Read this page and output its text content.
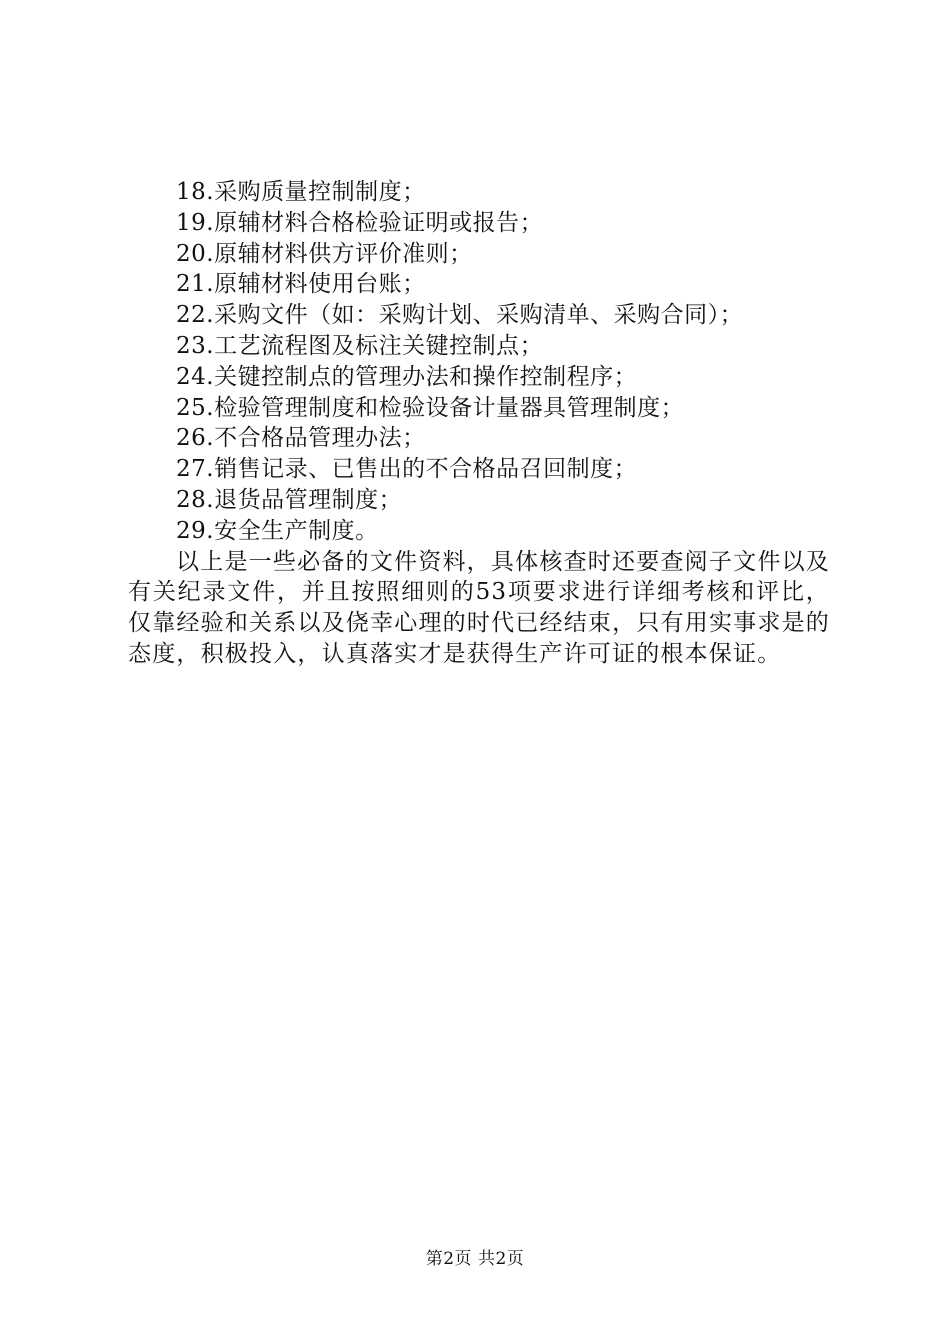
18.采购质量控制制度；
19.原辅材料合格检验证明或报告；
20.原辅材料供方评价准则；
21.原辅材料使用台账；
22.采购文件（如：采购计划、采购清单、采购合同）；
23.工艺流程图及标注关键控制点；
24.关键控制点的管理办法和操作控制程序；
25.检验管理制度和检验设备计量器具管理制度；
26.不合格品管理办法；
27.销售记录、已售出的不合格品召回制度；
28.退货品管理制度；
29.安全生产制度。
以上是一些必备的文件资料，具体核查时还要查阅子文件以及有关纪录文件，并且按照细则的53项要求进行详细考核和评比，仅靠经验和关系以及侥幸心理的时代已经结束，只有用实事求是的态度，积极投入，认真落实才是获得生产许可证的根本保证。
第2页 共2页
